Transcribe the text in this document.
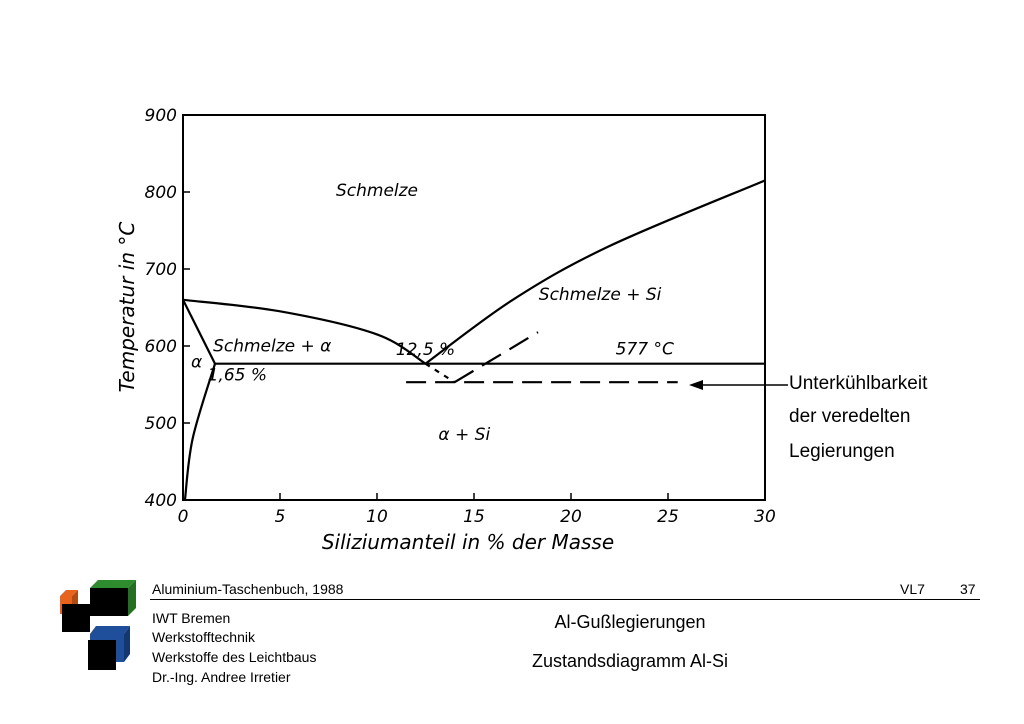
0	5	10	15	20	25	30
400
500
600
700
800
900
Schmelze
Schmelze + Si
Schmelze + α
α + Si
α
12,5 %
1,65 %
577 °C
Siliziumanteil in % der Masse
Temperatur in °C	Unterkühlbarkeit
der veredelten
Legierungen
Aluminium-Taschenbuch, 1988	VL7	37
IWT Bremen
Werkstofftechnik
Werkstoffe des Leichtbaus
Dr.-Ing. Andree Irretier
Al-Gußlegierungen
Zustandsdiagramm Al-Si
